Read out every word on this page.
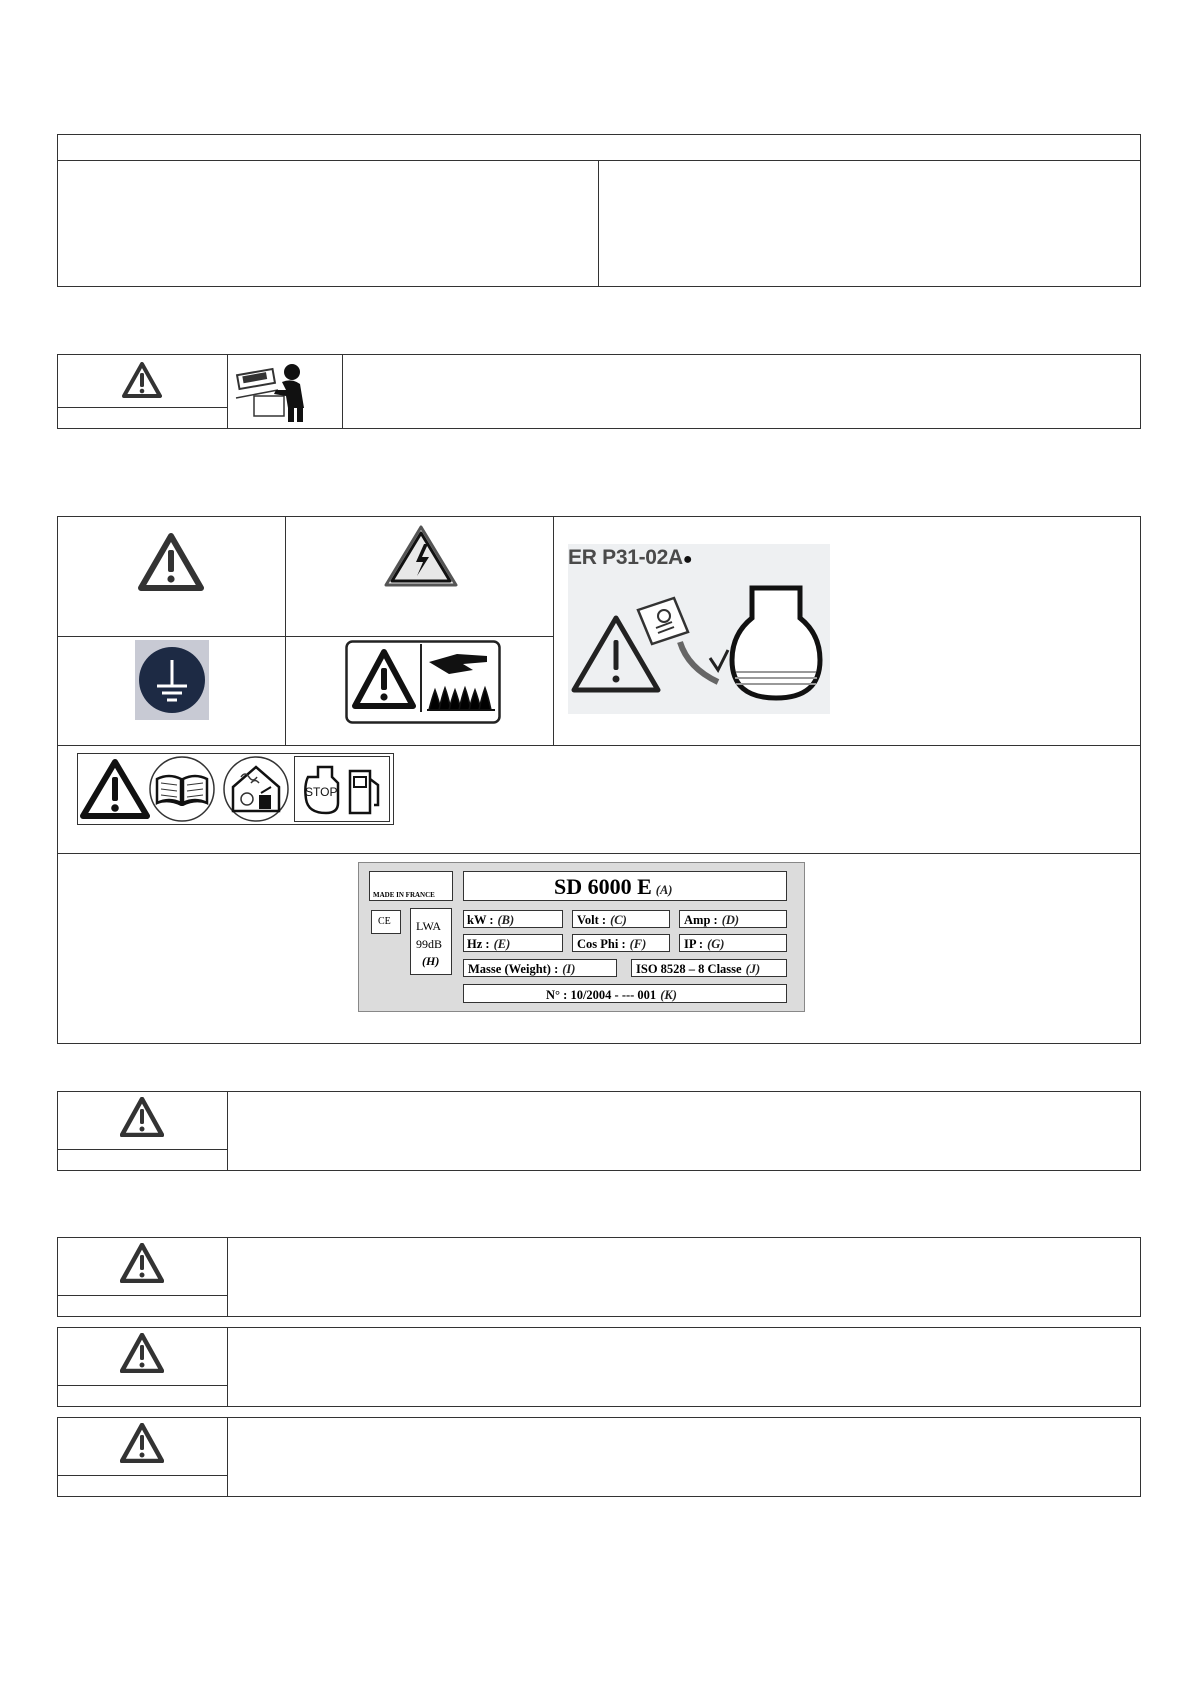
ER P31-02A●
STOP
MADE IN FRANCE
CE LWA
99dB
(H)
SD 6000 E (A)
kW : (B)	Volt : (C)	Amp : (D)
Hz : (E)	Cos Phi : (F)	IP : (G)
Masse (Weight) : (I)	ISO 8528 – 8 Classe (J)
N° : 10/2004 - --- 001 (K)
